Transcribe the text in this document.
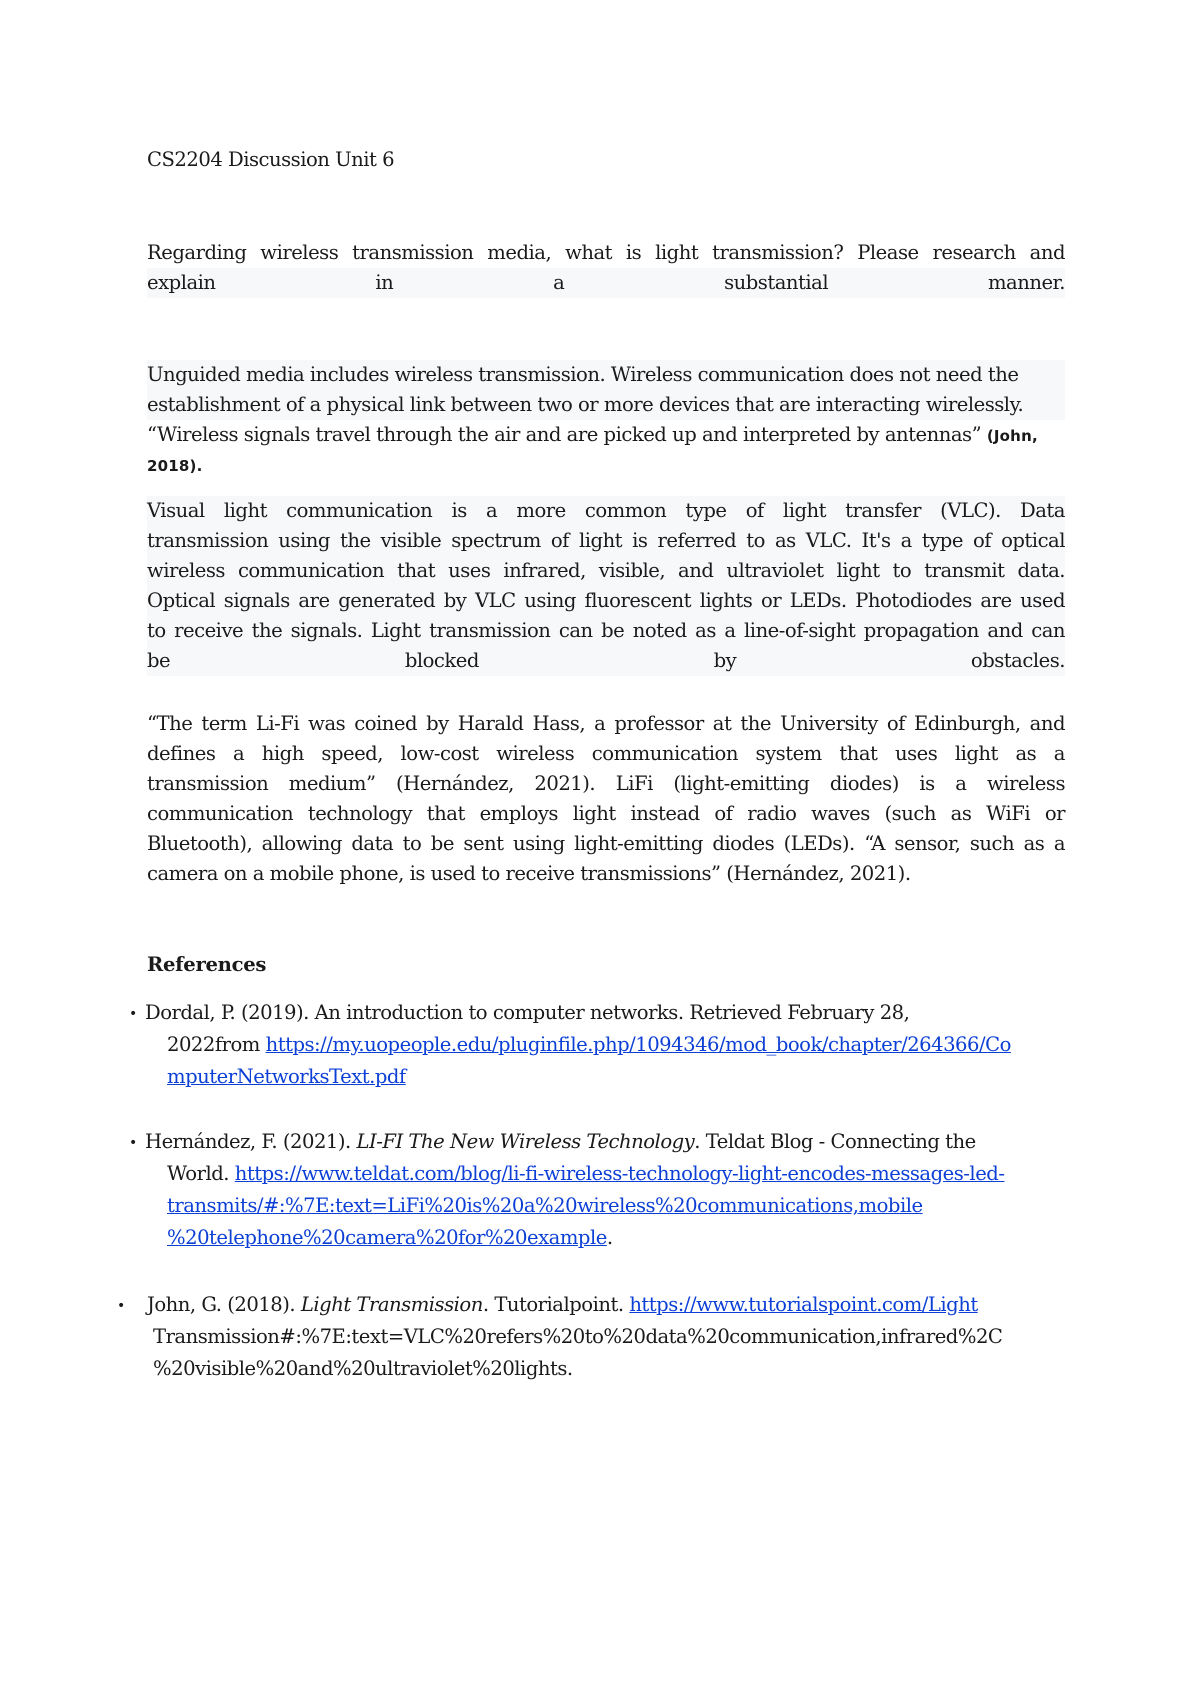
CS2204 Discussion Unit 6
Regarding wireless transmission media, what is light transmission? Please research and
explain in a substantial manner.
Unguided media includes wireless transmission. Wireless communication does not need the
establishment of a physical link between two or more devices that are interacting wirelessly.
“Wireless signals travel through the air and are picked up and interpreted by antennas” (John,
2018).
Visual light communication is a more common type of light transfer (VLC). Data
transmission using the visible spectrum of light is referred to as VLC. It's a type of optical
wireless communication that uses infrared, visible, and ultraviolet light to transmit data.
Optical signals are generated by VLC using fluorescent lights or LEDs. Photodiodes are used
to receive the signals. Light transmission can be noted as a line-of-sight propagation and can
be blocked by obstacles.
“The term Li-Fi was coined by Harald Hass, a professor at the University of Edinburgh, and
defines a high speed, low-cost wireless communication system that uses light as a
transmission medium” (Hernández, 2021). LiFi (light-emitting diodes) is a wireless
communication technology that employs light instead of radio waves (such as WiFi or
Bluetooth), allowing data to be sent using light-emitting diodes (LEDs). “A sensor, such as a
camera on a mobile phone, is used to receive transmissions” (Hernández, 2021).
References
• Dordal, P. (2019). An introduction to computer networks. Retrieved February 28,
2022from https://my.uopeople.edu/pluginfile.php/1094346/mod_book/chapter/264366/Co
mputerNetworksText.pdf
• Hernández, F. (2021). LI-FI The New Wireless Technology. Teldat Blog - Connecting the
World. https://www.teldat.com/blog/li-fi-wireless-technology-light-encodes-messages-led-
transmits/#:%7E:text=LiFi%20is%20a%20wireless%20communications,mobile
%20telephone%20camera%20for%20example.
• John, G. (2018). Light Transmission. Tutorialpoint. https://www.tutorialspoint.com/Light
Transmission#:%7E:text=VLC%20refers%20to%20data%20communication,infrared%2C
%20visible%20and%20ultraviolet%20lights.
